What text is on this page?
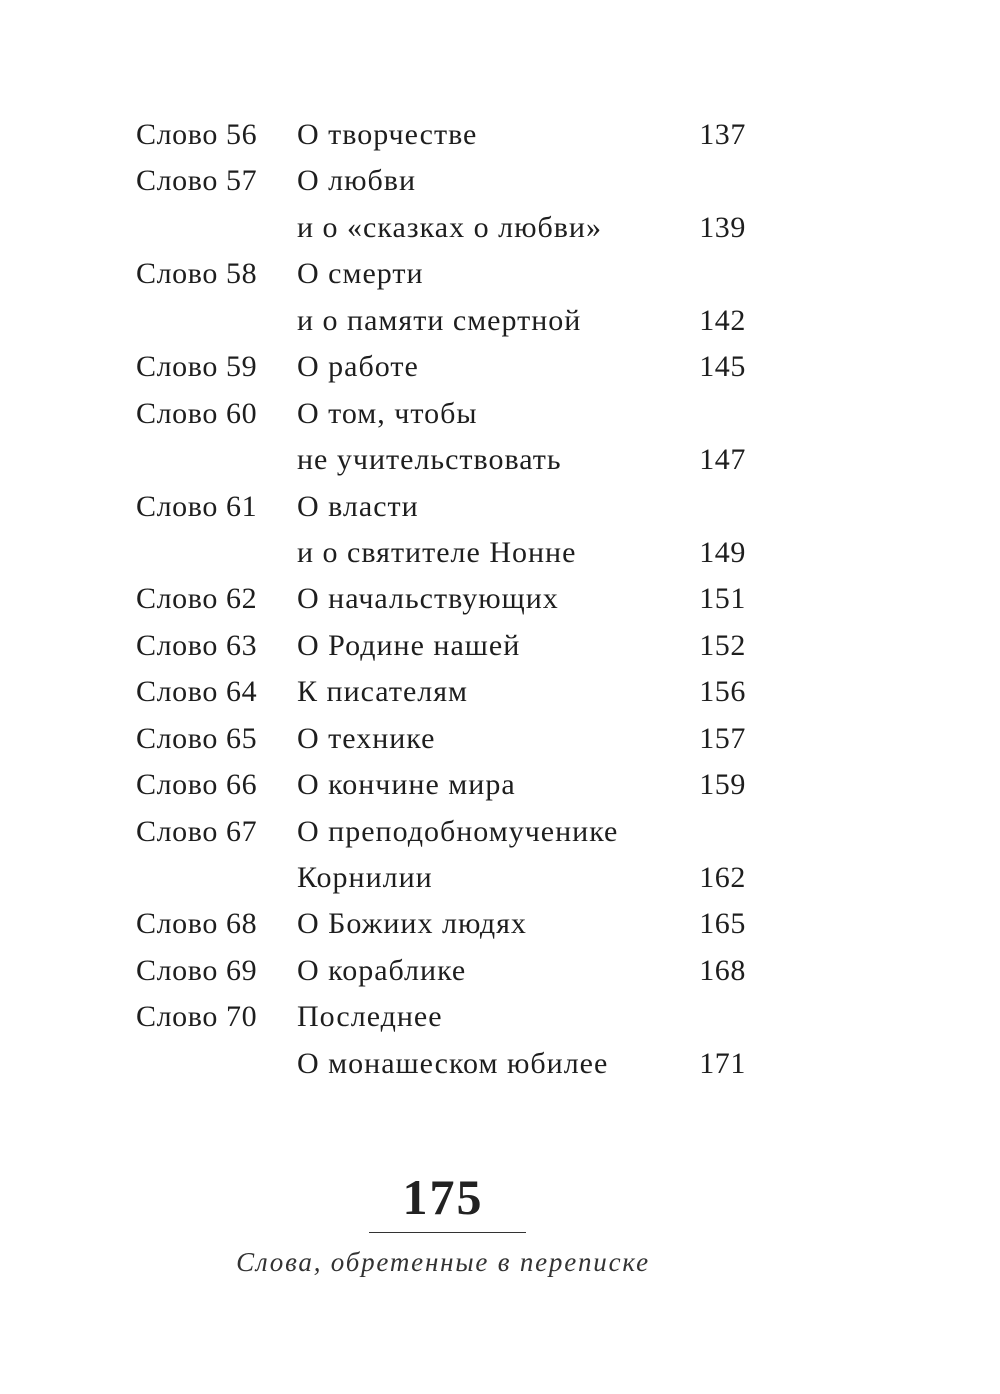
Слово 56 О творчестве	137
Слово 57 О любви
и о «сказках о любви»	139
Слово 58 О смерти
и о памяти смертной	142
Слово 59 О работе	145
Слово 60 О том, чтобы
не учительствовать	147
Слово 61 О власти
и о святителе Нонне	149
Слово 62 О начальствующих	151
Слово 63 О Родине нашей	152
Слово 64 К писателям	156
Слово 65 О технике	157
Слово 66 О кончине мира	159
Слово 67 О преподобномученике
Корнилии	162
Слово 68 О Божиих людях	165
Слово 69 О кораблике	168
Слово 70 Последнее
О монашеском юбилее	171
175
Слова, обретенные в переписке
